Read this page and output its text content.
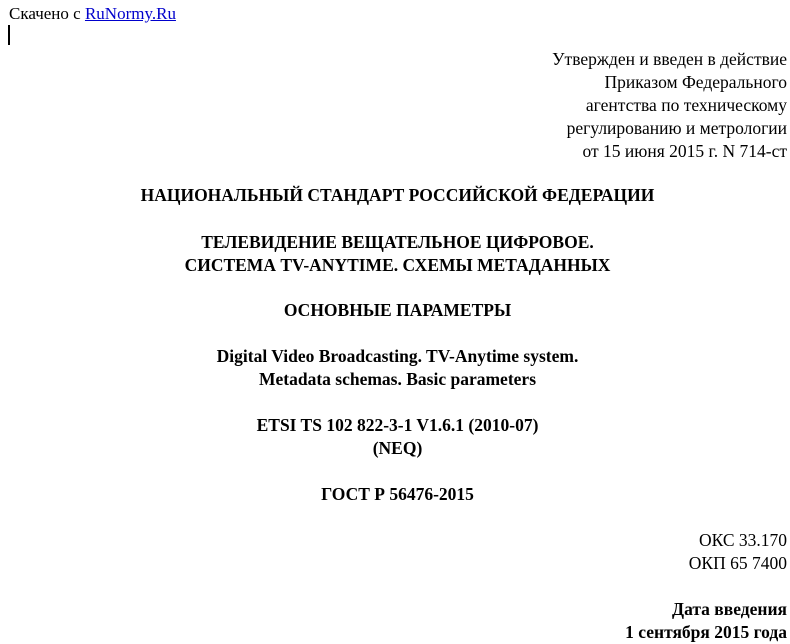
Скачено с RuNormy.Ru
Утвержден и введен в действие
Приказом Федерального
агентства по техническому
регулированию и метрологии
от 15 июня 2015 г. N 714-ст
НАЦИОНАЛЬНЫЙ СТАНДАРТ РОССИЙСКОЙ ФЕДЕРАЦИИ
ТЕЛЕВИДЕНИЕ ВЕЩАТЕЛЬНОЕ ЦИФРОВОЕ.
СИСТЕМА TV-ANYTIME. СХЕМЫ МЕТАДАННЫХ
ОСНОВНЫЕ ПАРАМЕТРЫ
Digital Video Broadcasting. TV-Anytime system.
Metadata schemas. Basic parameters
ETSI TS 102 822-3-1 V1.6.1 (2010-07)
(NEQ)
ГОСТ Р 56476-2015
ОКС 33.170
ОКП 65 7400
Дата введения
1 сентября 2015 года
